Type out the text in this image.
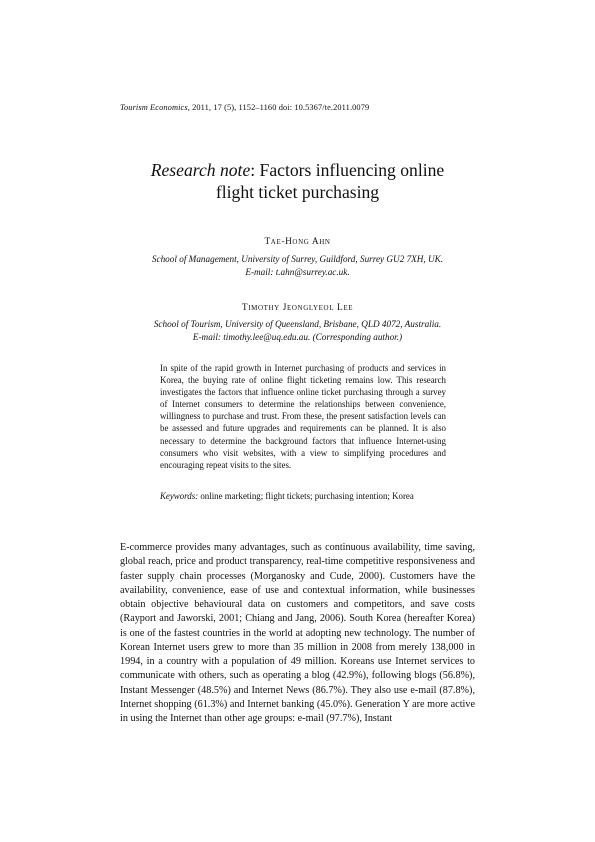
Tourism Economics, 2011, 17 (5), 1152–1160 doi: 10.5367/te.2011.0079
Research note: Factors influencing online
flight ticket purchasing
Tae-Hong Ahn
School of Management, University of Surrey, Guildford, Surrey GU2 7XH, UK.
E-mail: t.ahn@surrey.ac.uk.
Timothy Jeonglyeol Lee
School of Tourism, University of Queensland, Brisbane, QLD 4072, Australia.
E-mail: timothy.lee@uq.edu.au. (Corresponding author.)
In spite of the rapid growth in Internet purchasing of products and services in Korea, the buying rate of online flight ticketing remains low. This research investigates the factors that influence online ticket purchasing through a survey of Internet consumers to determine the relationships between convenience, willingness to purchase and trust. From these, the present satisfaction levels can be assessed and future upgrades and requirements can be planned. It is also necessary to determine the background factors that influence Internet-using consumers who visit websites, with a view to simplifying procedures and encouraging repeat visits to the sites.
Keywords: online marketing; flight tickets; purchasing intention; Korea
E-commerce provides many advantages, such as continuous availability, time saving, global reach, price and product transparency, real-time competitive responsiveness and faster supply chain processes (Morganosky and Cude, 2000). Customers have the availability, convenience, ease of use and contextual information, while businesses obtain objective behavioural data on customers and competitors, and save costs (Rayport and Jaworski, 2001; Chiang and Jang, 2006). South Korea (hereafter Korea) is one of the fastest countries in the world at adopting new technology. The number of Korean Internet users grew to more than 35 million in 2008 from merely 138,000 in 1994, in a country with a population of 49 million. Koreans use Internet services to communicate with others, such as operating a blog (42.9%), following blogs (56.8%), Instant Messenger (48.5%) and Internet News (86.7%). They also use e-mail (87.8%), Internet shopping (61.3%) and Internet banking (45.0%). Generation Y are more active in using the Internet than other age groups: e-mail (97.7%), Instant
